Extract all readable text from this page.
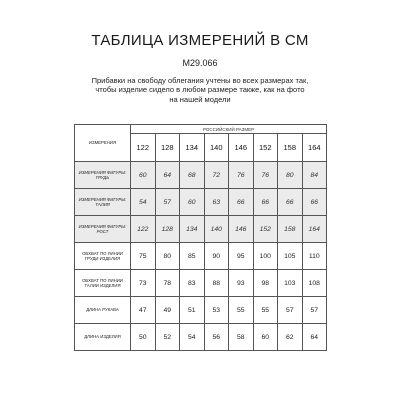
ТАБЛИЦА ИЗМЕРЕНИЙ В СМ
M29.066
Прибавки на свободу облегания учтены во всех размерах так,
чтобы изделие сидело в любом размере также, как на фото
на нашей модели
ИЗМЕРЕНИЯ	РОССИЙСКИЙ РАЗМЕР							
	122	128	134	140	146	152	158	164
ИЗМЕРЕНИЯ ФИГУРЫ: ГРУДЬ	60	64	68	72	76	76	80	84
ИЗМЕРЕНИЯ ФИГУРЫ: ТАЛИЯ	54	57	60	63	66	66	66	66
ИЗМЕРЕНИЯ ФИГУРЫ: РОСТ	122	128	134	140	146	152	158	164
ОБХВАТ ПО ЛИНИИ ГРУДИ ИЗДЕЛИЯ	75	80	85	90	95	100	105	110
ОБХВАТ ПО ЛИНИИ ТАЛИИ ИЗДЕЛИЯ	73	78	83	88	93	98	103	108
ДЛИНА РУКАВА	47	49	51	53	55	55	57	57
ДЛИНА ИЗДЕЛИЯ	50	52	54	56	58	60	62	64
